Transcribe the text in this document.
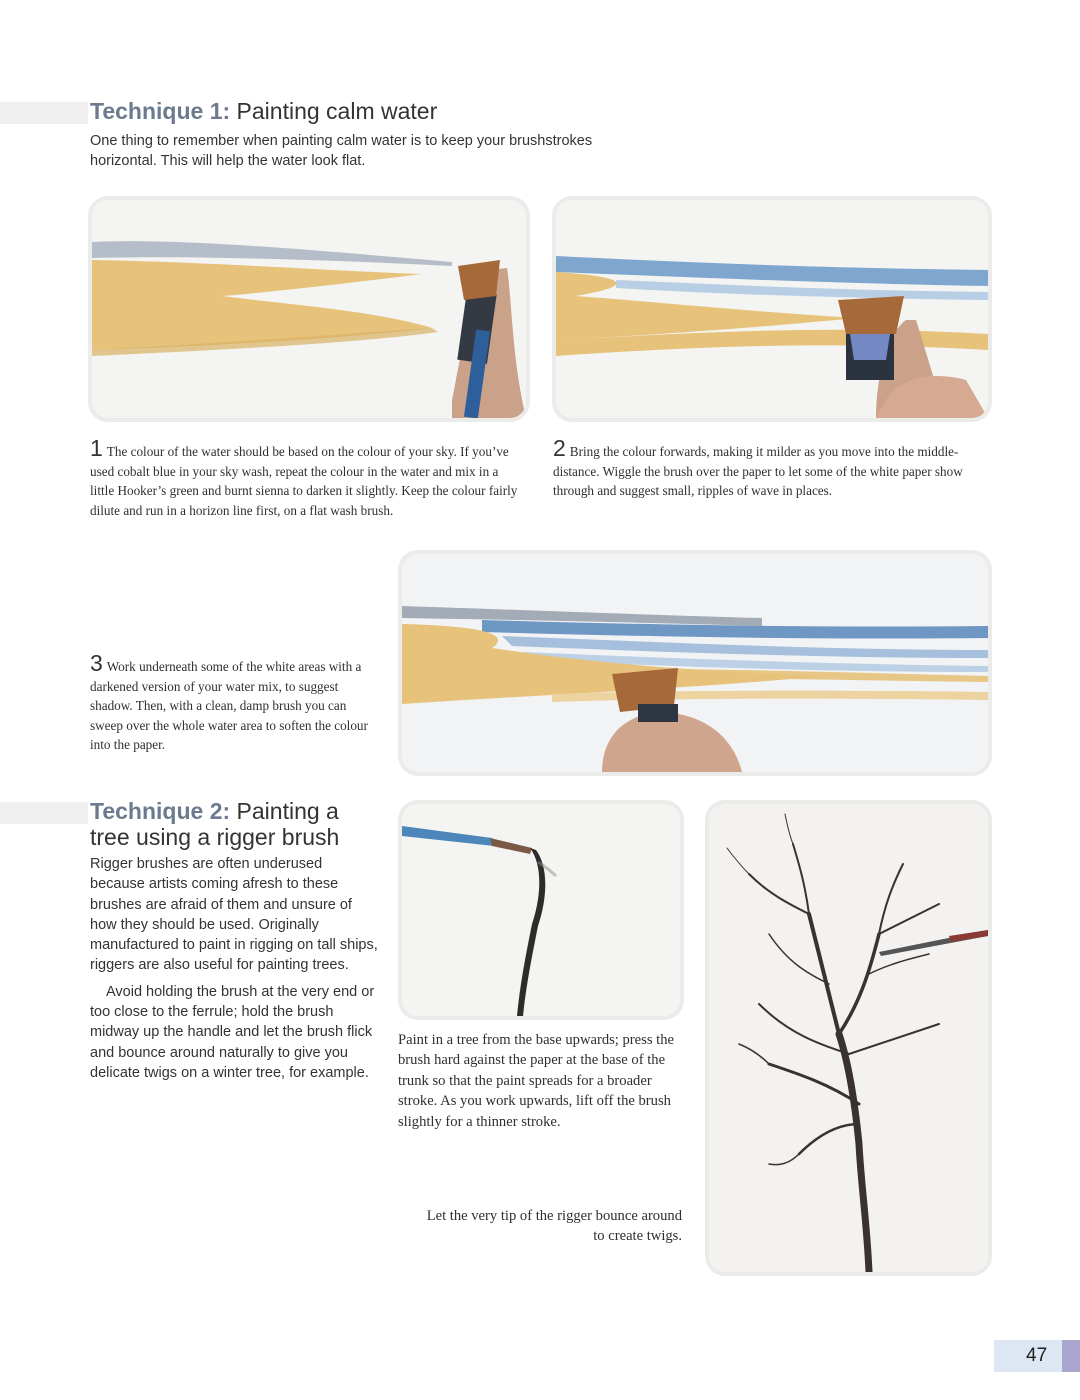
Technique 1: Painting calm water
One thing to remember when painting calm water is to keep your brushstrokes horizontal. This will help the water look flat.
1 The colour of the water should be based on the colour of your sky. If you’ve used cobalt blue in your sky wash, repeat the colour in the water and mix in a little Hooker’s green and burnt sienna to darken it slightly. Keep the colour fairly dilute and run in a horizon line first, on a flat wash brush.
2 Bring the colour forwards, making it milder as you move into the middle-distance. Wiggle the brush over the paper to let some of the white paper show through and suggest small, ripples of wave in places.
3 Work underneath some of the white areas with a darkened version of your water mix, to suggest shadow. Then, with a clean, damp brush you can sweep over the whole water area to soften the colour into the paper.
Technique 2: Painting a
tree using a rigger brush

Rigger brushes are often underused because artists coming afresh to these brushes are afraid of them and unsure of how they should be used. Originally manufactured to paint in rigging on tall ships, riggers are also useful for painting trees.

Avoid holding the brush at the very end or too close to the ferrule; hold the brush midway up the handle and let the brush flick and bounce around naturally to give you delicate twigs on a winter tree, for example.

Paint in a tree from the base upwards; press the brush hard against the paper at the base of the trunk so that the paint spreads for a broader stroke. As you work upwards, lift off the brush slightly for a thinner stroke.
Let the very tip of the rigger bounce around to create twigs.
47
